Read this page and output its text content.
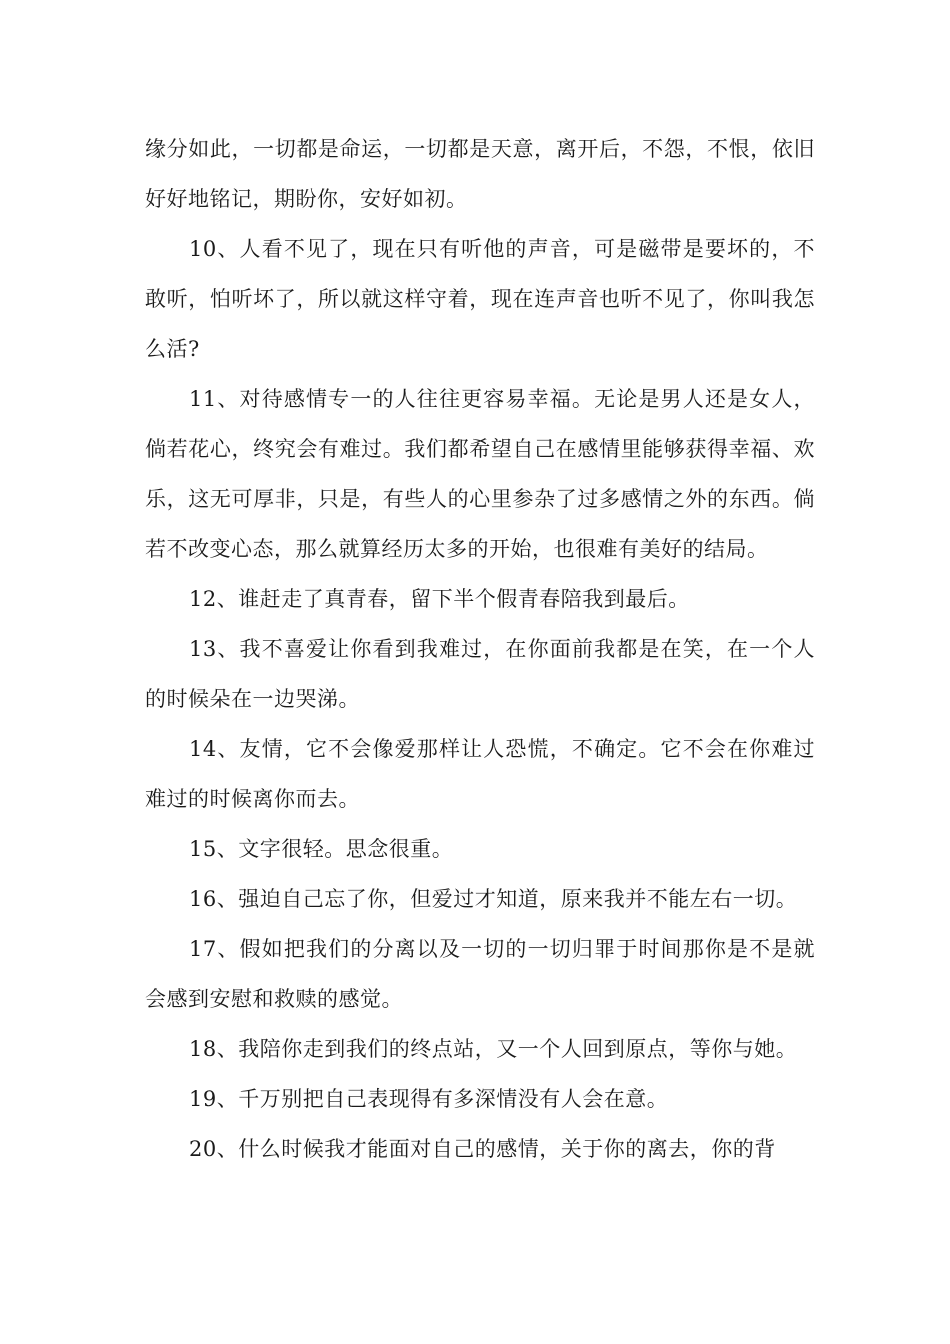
缘分如此，一切都是命运，一切都是天意，离开后，不怨，不恨，依旧好好地铭记，期盼你，安好如初。

10、人看不见了，现在只有听他的声音，可是磁带是要坏的，不敢听，怕听坏了，所以就这样守着，现在连声音也听不见了，你叫我怎么活?

11、对待感情专一的人往往更容易幸福。无论是男人还是女人，倘若花心，终究会有难过。我们都希望自己在感情里能够获得幸福、欢乐，这无可厚非，只是，有些人的心里参杂了过多感情之外的东西。倘若不改变心态，那么就算经历太多的开始，也很难有美好的结局。

12、谁赶走了真青春，留下半个假青春陪我到最后。

13、我不喜爱让你看到我难过，在你面前我都是在笑，在一个人的时候朵在一边哭涕。

14、友情，它不会像爱那样让人恐慌，不确定。它不会在你难过难过的时候离你而去。

15、文字很轻。思念很重。

16、强迫自己忘了你，但爱过才知道，原来我并不能左右一切。

17、假如把我们的分离以及一切的一切归罪于时间那你是不是就会感到安慰和救赎的感觉。

18、我陪你走到我们的终点站，又一个人回到原点，等你与她。

19、千万别把自己表现得有多深情没有人会在意。

20、什么时候我才能面对自己的感情，关于你的离去，你的背
